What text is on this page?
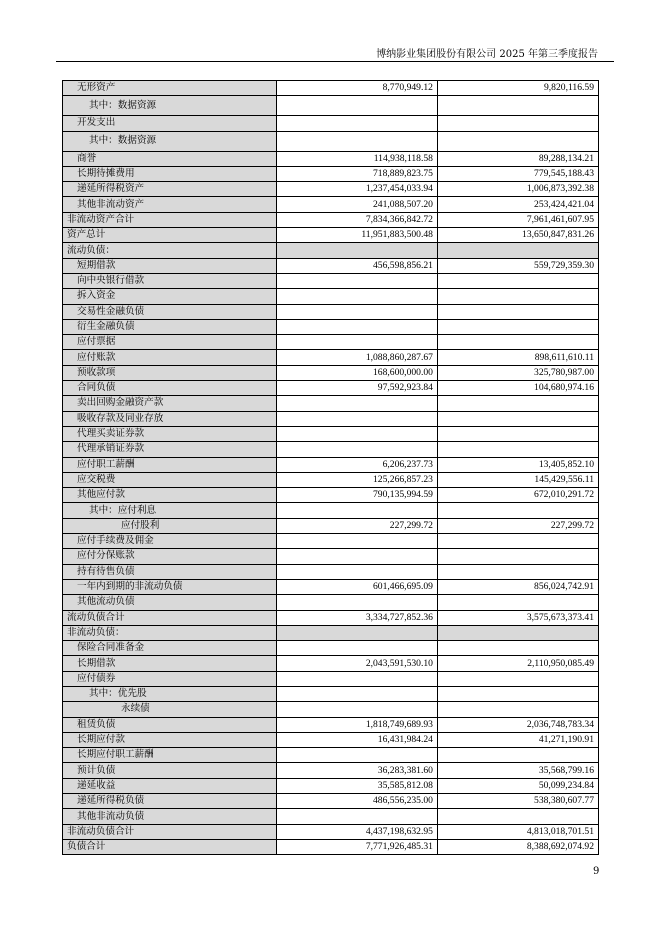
博纳影业集团股份有限公司 2025 年第三季度报告
无形资产	8,770,949.12	9,820,116.59
其中：数据资源		
开发支出		
其中：数据资源		
商誉	114,938,118.58	89,288,134.21
长期待摊费用	718,889,823.75	779,545,188.43
递延所得税资产	1,237,454,033.94	1,006,873,392.38
其他非流动资产	241,088,507.20	253,424,421.04
非流动资产合计	7,834,366,842.72	7,961,461,607.95
资产总计	11,951,883,500.48	13,650,847,831.26
流动负债：		
短期借款	456,598,856.21	559,729,359.30
向中央银行借款		
拆入资金		
交易性金融负债		
衍生金融负债		
应付票据		
应付账款	1,088,860,287.67	898,611,610.11
预收款项	168,600,000.00	325,780,987.00
合同负债	97,592,923.84	104,680,974.16
卖出回购金融资产款		
吸收存款及同业存放		
代理买卖证券款		
代理承销证券款		
应付职工薪酬	6,206,237.73	13,405,852.10
应交税费	125,266,857.23	145,429,556.11
其他应付款	790,135,994.59	672,010,291.72
其中：应付利息		
应付股利	227,299.72	227,299.72
应付手续费及佣金		
应付分保账款		
持有待售负债		
一年内到期的非流动负债	601,466,695.09	856,024,742.91
其他流动负债		
流动负债合计	3,334,727,852.36	3,575,673,373.41
非流动负债：		
保险合同准备金		
长期借款	2,043,591,530.10	2,110,950,085.49
应付债券		
其中：优先股		
永续债		
租赁负债	1,818,749,689.93	2,036,748,783.34
长期应付款	16,431,984.24	41,271,190.91
长期应付职工薪酬		
预计负债	36,283,381.60	35,568,799.16
递延收益	35,585,812.08	50,099,234.84
递延所得税负债	486,556,235.00	538,380,607.77
其他非流动负债		
非流动负债合计	4,437,198,632.95	4,813,018,701.51
负债合计	7,771,926,485.31	8,388,692,074.92
9
